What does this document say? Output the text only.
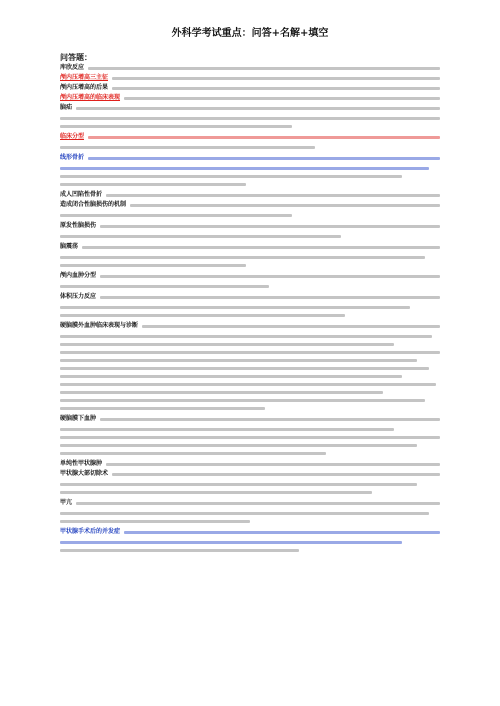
外科学考试重点：问答+名解+填空
问答题：
库欣反应
颅内压增高三主征
颅内压增高的后果
颅内压增高的临床表现
脑疝
临床分型
线形骨折
成人凹陷性骨折
造成闭合性脑损伤的机制
原发性脑损伤
脑震荡
颅内血肿分型
体积压力反应
硬脑膜外血肿临床表现与诊断
硬脑膜下血肿
单纯性甲状腺肿
甲状腺大部切除术
甲亢
甲状腺手术后的并发症
